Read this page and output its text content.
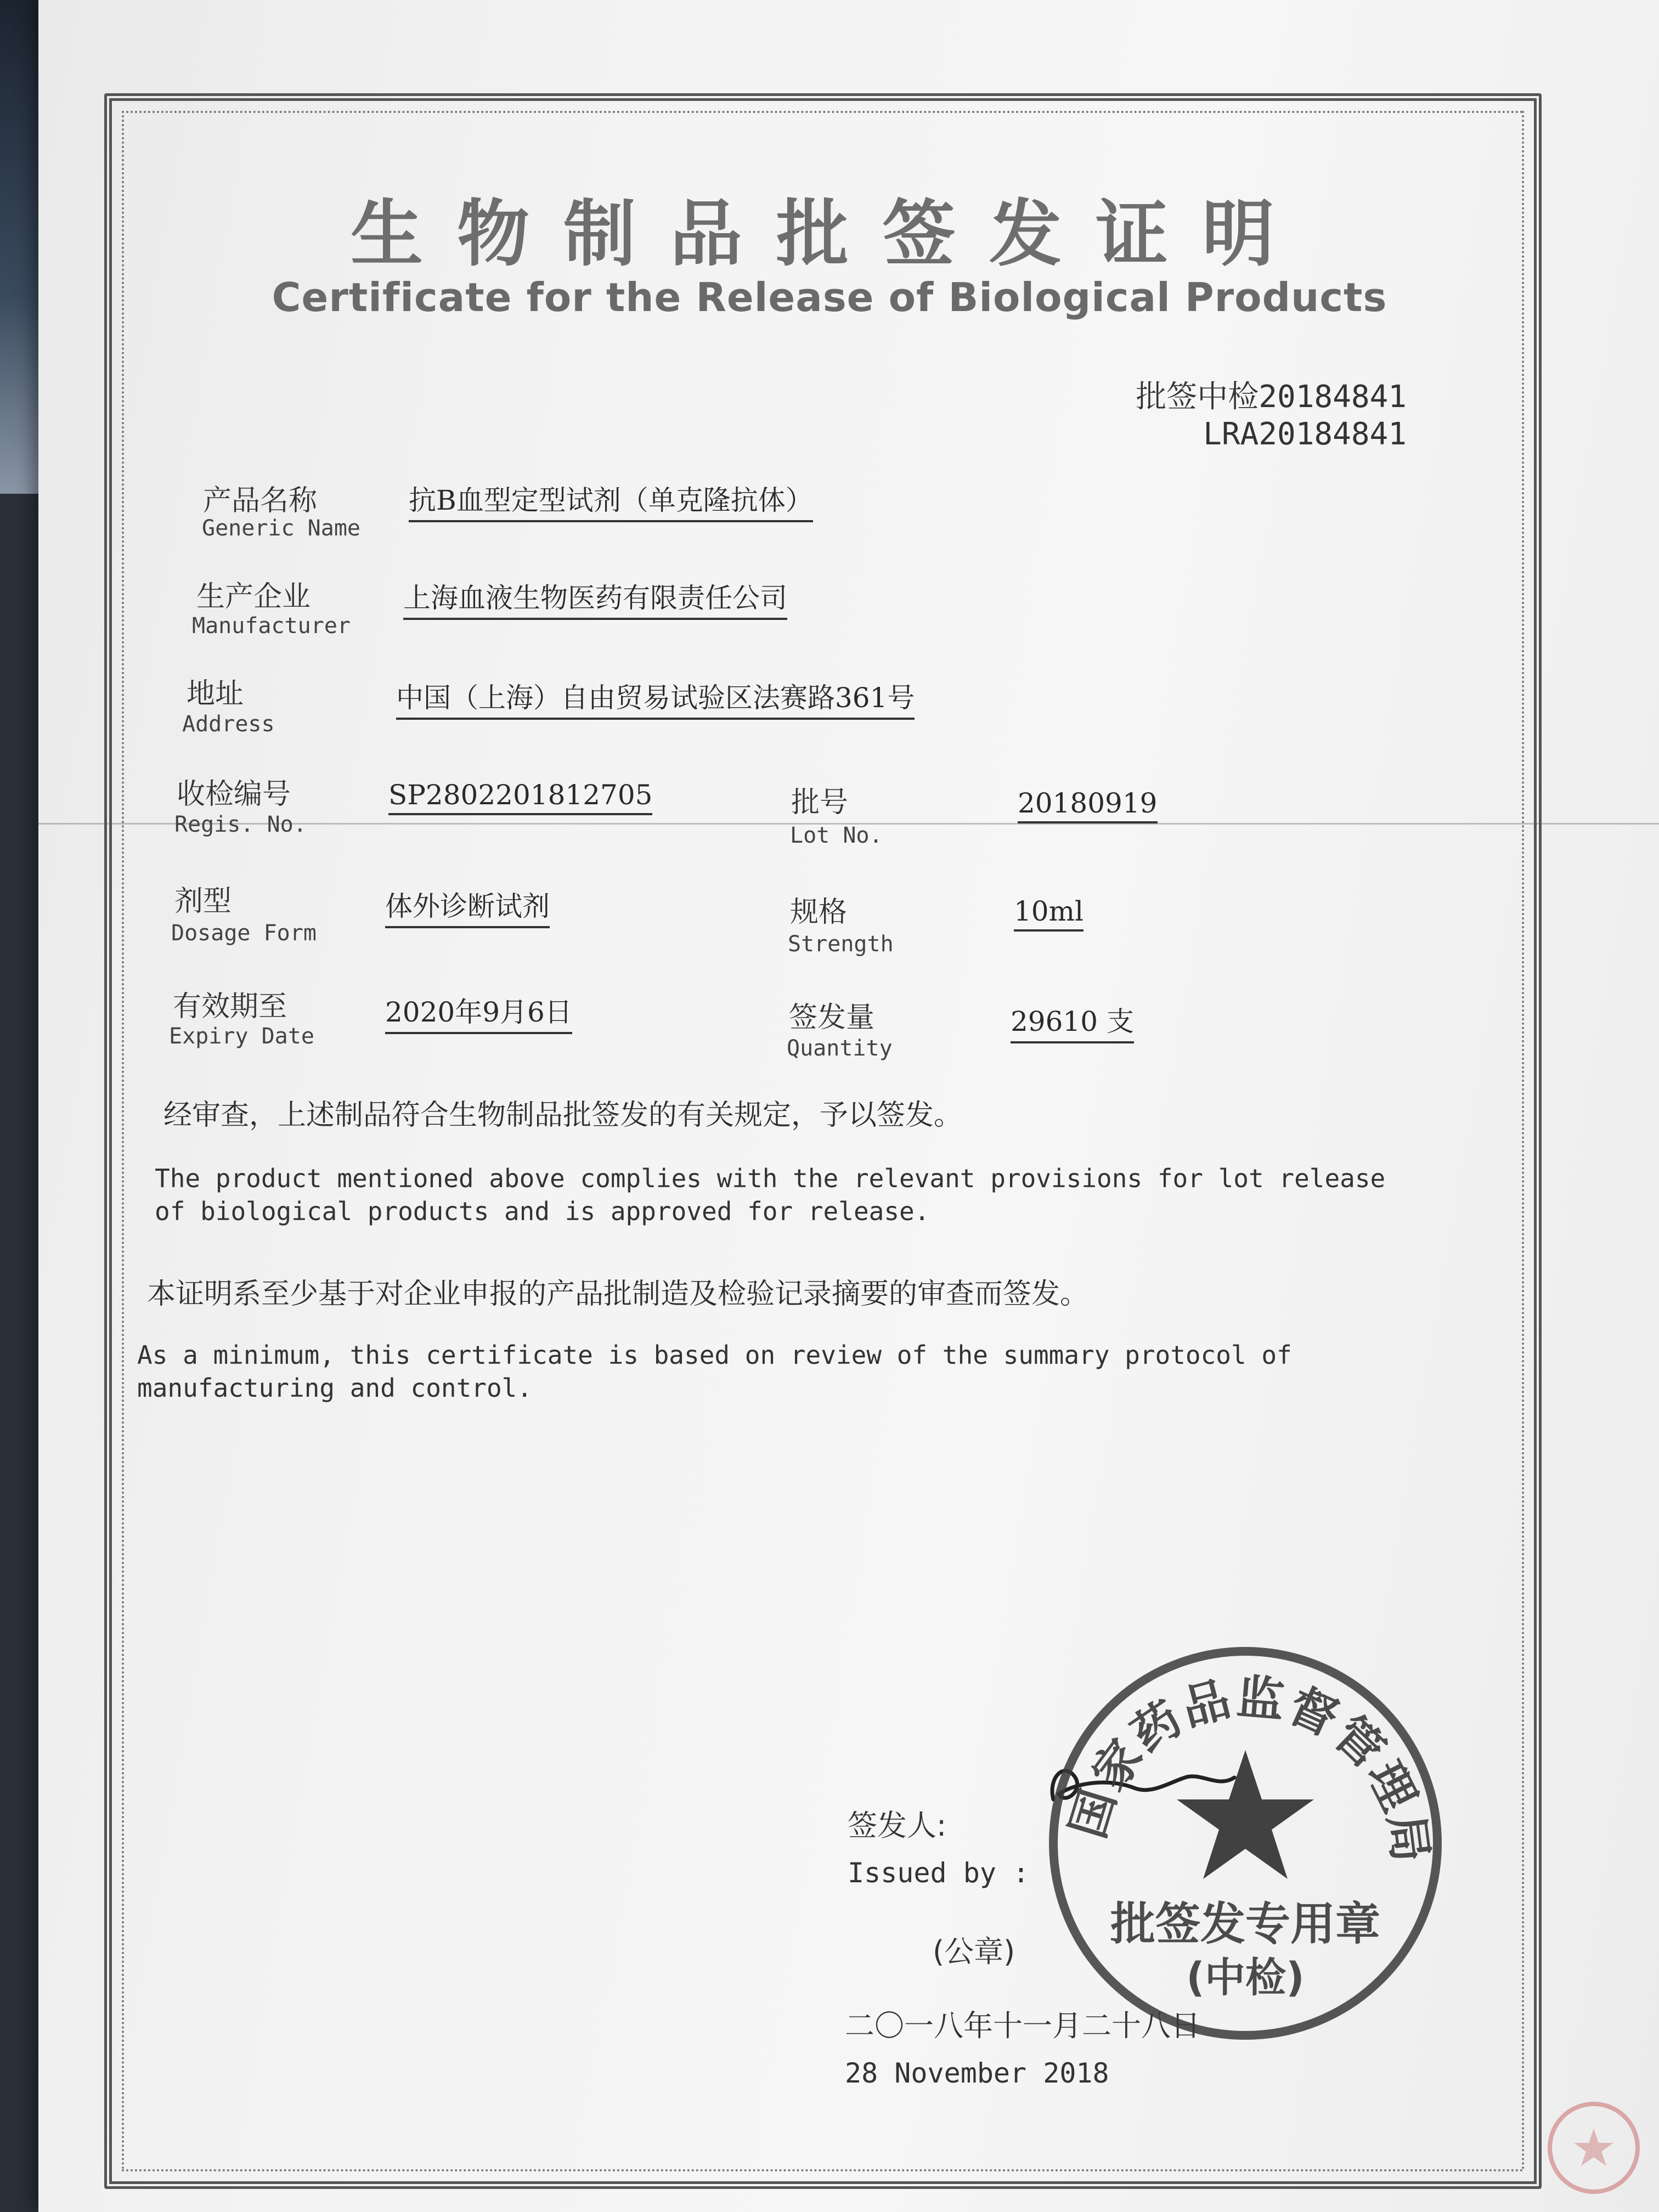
生物制品批签发证明
Certificate for the Release of Biological Products
批签中检20184841
LRA20184841
产品名称
Generic Name
抗B血型定型试剂（单克隆抗体）
生产企业
Manufacturer
上海血液生物医药有限责任公司
地址
Address
中国（上海）自由贸易试验区法赛路361号
收检编号
Regis. No.
SP2802201812705	批号
Lot No.
20180919
剂型
Dosage Form
体外诊断试剂	规格
Strength
10ml
有效期至
Expiry Date
2020年9月6日	签发量
Quantity
29610 支
经审查，上述制品符合生物制品批签发的有关规定，予以签发。
The product mentioned above complies with the relevant provisions for lot release
of biological products and is approved for release.
本证明系至少基于对企业申报的产品批制造及检验记录摘要的审查而签发。
As a minimum, this certificate is based on review of the summary protocol of
manufacturing and control.
签发人:
Issued by :
(公章)
二〇一八年十一月二十八日
28 November 2018
国家药品监督管理局
批签发专用章
(中检)
